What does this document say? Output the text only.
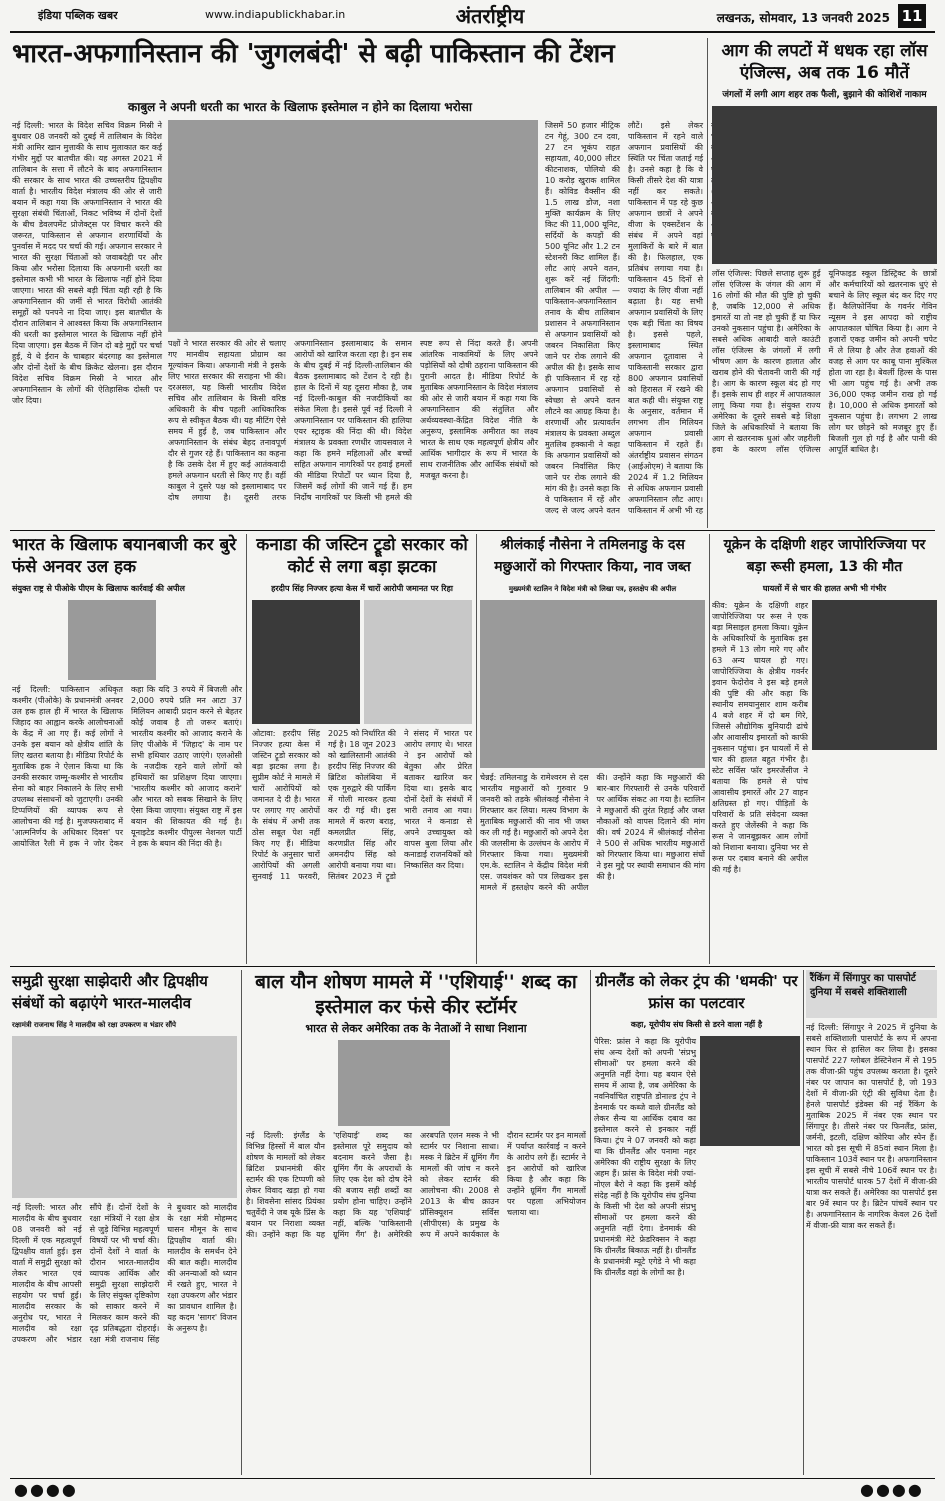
इंडिया पब्लिक खबर	www.indiapublickhabar.in	अंतर्राष्ट्रीय	लखनऊ, सोमवार, 13 जनवरी 2025 11
भारत-अफगानिस्तान की 'जुगलबंदी' से बढ़ी पाकिस्तान की टेंशन
काबुल ने अपनी धरती का भारत के खिलाफ इस्तेमाल न होने का दिलाया भरोसा
नई दिल्ली: भारत के विदेश सचिव विक्रम मिस्री ने बुधवार 08 जनवरी को दुबई में तालिबान के विदेश मंत्री आमिर खान मुत्ताकी के साथ मुलाकात कर कई गंभीर मुद्दों पर बातचीत की। यह अगस्त 2021 में तालिबान के सत्ता में लौटने के बाद अफगानिस्तान की सरकार के साथ भारत की उच्चस्तरीय द्विपक्षीय वार्ता है। भारतीय विदेश मंत्रालय की ओर से जारी बयान में कहा गया कि अफगानिस्तान ने भारत की सुरक्षा संबंधी चिंताओं, निकट भविष्य में दोनों देशों के बीच डेवलपमेंट प्रोजेक्ट्स पर विचार करने की जरूरत, पाकिस्तान से अफगान शरणार्थियों के पुनर्वास में मदद पर चर्चा की गई। अफगान सरकार ने भारत की सुरक्षा चिंताओं को जवाबदेही पर और किया और भरोसा दिलाया कि अफगानी धरती का इस्तेमाल कभी भी भारत के खिलाफ नहीं होने दिया जाएगा। भारत की सबसे बड़ी चिंता यही रही है कि अफगानिस्तान की जमीं से भारत विरोधी आतंकी समूहों को पनपने ना दिया जाए। इस बातचीत के दौरान तालिबान ने आश्वस्त किया कि अफगानिस्तान की धरती का इस्तेमाल भारत के खिलाफ नहीं होने दिया जाएगा। इस बैठक में जिन दो बड़े मुद्दों पर चर्चा हुई, ये थे ईरान के चाबहार बंदरगाह का इस्तेमाल और दोनों देशों के बीच क्रिकेट खेलना। इस दौरान विदेश सचिव विक्रम मिस्री ने भारत और अफगानिस्तान के लोगों की ऐतिहासिक दोस्ती पर जोर दिया।
पक्षों ने भारत सरकार की ओर से चलाए गए मानवीय सहायता प्रोग्राम का मूल्यांकन किया। अफगानी मंत्री ने इसके लिए भारत सरकार की सराहना भी की। दरअसल, यह किसी भारतीय विदेश सचिव और तालिबान के किसी वरिष्ठ अधिकारी के बीच पहली आधिकारिक रूप से स्वीकृत बैठक थी। यह मीटिंग ऐसे समय में हुई है, जब पाकिस्तान और अफगानिस्तान के संबंध बेहद तनावपूर्ण दौर से गुजर रहे हैं। पाकिस्तान का कहना है कि उसके देश में हुए कई आतंकवादी हमले अफगान धरती से किए गए हैं। वहीं काबुल ने दुसरे पक्ष को इस्लामाबाद पर दोष लगाया है। दूसरी तरफ अफगानिस्तान इस्लामाबाद के समान आरोपों को खारिज करता रहा है। इन सब के बीच दुबई में नई दिल्ली-तालिबान की बैठक इस्लामाबाद को टेंशन दे रही है। हाल के दिनों में यह दूसरा मौका है, जब नई दिल्ली-काबुल की नजदीकियों का संकेत मिला है। इससे पूर्व नई दिल्ली ने अफगानिस्तान पर पाकिस्तान की हालिया एयर स्ट्राइक की निंदा की थी। विदेश मंत्रालय के प्रवक्ता रणधीर जायसवाल ने कहा कि हमने महिलाओं और बच्चों सहित अफगान नागरिकों पर हवाई हमलों की मीडिया रिपोर्टों पर ध्यान दिया है, जिसमें कई लोगों की जानें गई हैं। हम निर्दोष नागरिकों पर किसी भी हमले की स्पष्ट रूप से निंदा करते हैं। अपनी आंतरिक नाकामियों के लिए अपने पड़ोसियों को दोषी ठहराना पाकिस्तान की पुरानी आदत है। मीडिया रिपोर्ट के मुताबिक अफगानिस्तान के विदेश मंत्रालय की ओर से जारी बयान में कहा गया कि अफगानिस्तान की संतुलित और अर्थव्यवस्था-केंद्रित विदेश नीति के अनुरूप, इस्लामिक अमीरात का लक्ष्य भारत के साथ एक महत्वपूर्ण क्षेत्रीय और आर्थिक भागीदार के रूप में भारत के साथ राजनीतिक और आर्थिक संबंधों को मजबूत करना है।
जिसमें 50 हजार मीट्रिक टन गेहूं, 300 टन दवा, 27 टन भूकंप राहत सहायता, 40,000 लीटर कीटनाशक, पोलियो की 10 करोड़ खुराक शामिल हैं। कोविड वैक्सीन की 1.5 लाख डोज, नशा मुक्ति कार्यक्रम के लिए किट की 11,000 यूनिट, सर्दियों के कपड़ों की 500 यूनिट और 1.2 टन स्टेशनरी किट शामिल हैं। लौट आएं अपने वतन, शुरू करें नई जिंदगी: तालिबान की अपील — पाकिस्तान-अफगानिस्तान तनाव के बीच तालिबान प्रशासन ने अफगानिस्तान से अफगान प्रवासियों को जबरन निकासिता किए जाने पर रोक लगाने की अपील की है। इसके साथ ही पाकिस्तान में रह रहे अफगान प्रवासियों से स्वेच्छा से अपने वतन लौटने का आग्रह किया है। शरणार्थी और प्रत्यावर्तन मंत्रालय के प्रवक्ता अब्दुल मुतलिब हक्कानी ने कहा कि अफगान प्रवासियों को जबरन निर्वासित किए जाने पर रोक लगाने की मांग की है। उनसे कहा कि वे पाकिस्तान में रहें और जल्द से जल्द अपने वतन लौटें। इसे लेकर पाकिस्तान में रहने वाले अफगान प्रवासियों की स्थिति पर चिंता जताई गई है। उनसे कहा है कि वे किसी तीसरे देश की यात्रा नहीं कर सकते। पाकिस्तान में पड़ रहे कुछ अफगान छात्रों ने अपने वीजा के एक्सटेंशन के संबंध में अपने वहां मुलाकिरों के बारे में बात की है। फिलहाल, एक प्रतिबंध लगाया गया है। पाकिस्तान 45 दिनों से ज्यादा के लिए वीजा नहीं बढ़ाता है। यह सभी अफगान प्रवासियों के लिए एक बड़ी चिंता का विषय है। इससे पहले, इस्लामाबाद स्थित अफगान दूतावास ने पाकिस्तानी सरकार द्वारा 800 अफगान प्रवासियों को हिरासत में रखने की बात कही थी। संयुक्त राष्ट्र के अनुसार, वर्तमान में लगभग तीन मिलियन अफगान प्रवासी पाकिस्तान में रहते हैं। अंतर्राष्ट्रीय प्रवासन संगठन (आईओएम) ने बताया कि 2024 में 1.2 मिलियन से अधिक अफगान प्रवासी अफगानिस्तान लौट आए। पाकिस्तान में अभी भी रह
आग की लपटों में धधक रहा लॉस एंजिल्स, अब तक 16 मौतें
जंगलों में लगी आग शहर तक फैली, बुझाने की कोशिशें नाकाम
लॉस एंजिल्स: पिछले सप्ताह शुरू हुई लॉस एंजिल्स के जंगल की आग में 16 लोगों की मौत की पुष्टि हो चुकी है, जबकि 12,000 से अधिक इमारतें या तो नष्ट हो चुकी हैं या फिर उनको नुकसान पहुंचा है। अमेरिका के सबसे अधिक आबादी वाले काउंटी लॉस एंजिल्स के जंगलों में लगी भीषण आग के कारण हालात और खराब होने की चेतावनी जारी की गई है। आग के कारण स्कूल बंद हो गए हैं। इसके साथ ही शहर में आपातकाल लागू किया गया है। संयुक्त राज्य अमेरिका के दूसरे सबसे बड़े शिक्षा जिले के अधिकारियों ने बताया कि आग से खतरनाक धुआं और जहरीली हवा के कारण लॉस एंजिल्स यूनिफाइड स्कूल डिस्ट्रिक्ट के छात्रों और कर्मचारियों को खतरनाक धुएं से बचाने के लिए स्कूल बंद कर दिए गए हैं। कैलिफोर्निया के गवर्नर गेविन न्यूसम ने इस आपदा को राष्ट्रीय आपातकाल घोषित किया है। आग ने हजारों एकड़ जमीन को अपनी चपेट में ले लिया है और तेज हवाओं की वजह से आग पर काबू पाना मुश्किल होता जा रहा है। बेवर्ली हिल्स के पास भी आग पहुंच गई है। अभी तक 36,000 एकड़ जमीन राख हो गई है। 10,000 से अधिक इमारतों को नुकसान पहुंचा है। लगभग 2 लाख लोग घर छोड़ने को मजबूर हुए हैं। बिजली गुल हो गई है और पानी की आपूर्ति बाधित है।
भारत के खिलाफ बयानबाजी कर बुरे फंसे अनवर उल हक
संयुक्त राष्ट्र से पीओके पीएम के खिलाफ कार्रवाई की अपील
नई दिल्ली: पाकिस्तान अधिकृत कश्मीर (पीओके) के प्रधानमंत्री अनवर उल हक हाल ही में भारत के खिलाफ जिहाद का आह्वान करके आलोचनाओं के केंद्र में आ गए हैं। कई लोगों ने उनके इस बयान को क्षेत्रीय शांति के लिए खतरा बताया है। मीडिया रिपोर्ट के मुताबिक हक ने ऐलान किया था कि उनकी सरकार जम्मू-कश्मीर से भारतीय सेना को बाहर निकालने के लिए सभी उपलब्ध संसाधनों को जुटाएगी। उनकी टिप्पणियों की व्यापक रूप से आलोचना की गई है। मुजफ्फराबाद में 'आत्मनिर्णय के अधिकार दिवस' पर आयोजित रैली में हक ने जोर देकर कहा कि यदि 3 रुपये में बिजली और 2,000 रुपये प्रति मन आटा 37 मिलियन आबादी प्रदान करने से बेहतर कोई जवाब है तो जरूर बताएं। भारतीय कश्मीर को आजाद कराने के लिए पीओके में 'जिहाद' के नाम पर सभी हथियार उठाए जाएंगे। एलओसी के नजदीक रहने वाले लोगों को हथियारों का प्रशिक्षण दिया जाएगा। 'भारतीय कश्मीर को आजाद कराने' और भारत को सबक सिखाने के लिए ऐसा किया जाएगा। संयुक्त राष्ट्र में इस बयान की शिकायत की गई है। यूनाइटेड कश्मीर पीपुल्स नेशनल पार्टी ने हक के बयान की निंदा की है।
कनाडा की जस्टिन ट्रूडो सरकार को कोर्ट से लगा बड़ा झटका
हरदीप सिंह निज्जर हत्या केस में चारों आरोपी जमानत पर रिहा
ओटावा: हरदीप सिंह निज्जर हत्या केस में जस्टिन ट्रूडो सरकार को बड़ा झटका लगा है। सुप्रीम कोर्ट ने मामले में चारों आरोपियों को जमानत दे दी है। भारत पर लगाए गए आरोपों के संबंध में अभी तक ठोस सबूत पेश नहीं किए गए हैं। मीडिया रिपोर्ट के अनुसार चारों आरोपियों की अगली सुनवाई 11 फरवरी, 2025 को निर्धारित की गई है। 18 जून 2023 को खालिस्तानी आतंकी हरदीप सिंह निज्जर की ब्रिटिश कोलंबिया में एक गुरुद्वारे की पार्किंग में गोली मारकर हत्या कर दी गई थी। इस मामले में करण बराड़, कमलप्रीत सिंह, करणप्रीत सिंह और अमनदीप सिंह को आरोपी बनाया गया था। सितंबर 2023 में ट्रूडो ने संसद में भारत पर आरोप लगाए थे। भारत ने इन आरोपों को बेतुका और प्रेरित बताकर खारिज कर दिया था। इसके बाद दोनों देशों के संबंधों में भारी तनाव आ गया। भारत ने कनाडा से अपने उच्चायुक्त को वापस बुला लिया और कनाडाई राजनयिकों को निष्कासित कर दिया।
श्रीलंकाई नौसेना ने तमिलनाडु के दस मछुआरों को गिरफ्तार किया, नाव जब्त
मुख्यमंत्री स्टालिन ने विदेश मंत्री को लिखा पत्र, हस्तक्षेप की अपील
चेन्नई: तमिलनाडु के रामेश्वरम से दस भारतीय मछुआरों को गुरुवार 9 जनवरी को तड़के श्रीलंकाई नौसेना ने गिरफ्तार कर लिया। मत्स्य विभाग के मुताबिक मछुआरों की नाव भी जब्त कर ली गई है। मछुआरों को अपने देश की जलसीमा के उल्लंघन के आरोप में गिरफ्तार किया गया। मुख्यमंत्री एम.के. स्टालिन ने केंद्रीय विदेश मंत्री एस. जयशंकर को पत्र लिखकर इस मामले में हस्तक्षेप करने की अपील की। उन्होंने कहा कि मछुआरों की बार-बार गिरफ्तारी से उनके परिवारों पर आर्थिक संकट आ गया है। स्टालिन ने मछुआरों की तुरंत रिहाई और जब्त नौकाओं को वापस दिलाने की मांग की। वर्ष 2024 में श्रीलंकाई नौसेना ने 500 से अधिक भारतीय मछुआरों को गिरफ्तार किया था। मछुआरा संघों ने इस मुद्दे पर स्थायी समाधान की मांग की है।
यूक्रेन के दक्षिणी शहर जापोरिज्जिया पर बड़ा रूसी हमला, 13 की मौत
घायलों में से चार की हालत अभी भी गंभीर
कीव: यूक्रेन के दक्षिणी शहर जापोरिज्जिया पर रूस ने एक बड़ा मिसाइल हमला किया। यूक्रेन के अधिकारियों के मुताबिक इस हमले में 13 लोग मारे गए और 63 अन्य घायल हो गए। जापोरिज्जिया के क्षेत्रीय गवर्नर इवान फेदोरोव ने इस बड़े हमले की पुष्टि की और कहा कि स्थानीय समयानुसार शाम करीब 4 बजे शहर में दो बम गिरे, जिससे औद्योगिक बुनियादी ढांचे और आवासीय इमारतों को काफी नुकसान पहुंचा। इन घायलों में से चार की हालत बहुत गंभीर है। स्टेट सर्विस फॉर इमरजेंसीज ने बताया कि हमले से पांच आवासीय इमारतें और 27 वाहन क्षतिग्रस्त हो गए। पीड़ितों के परिवारों के प्रति संवेदना व्यक्त करते हुए जेलेंस्की ने कहा कि रूस ने जानबूझकर आम लोगों को निशाना बनाया। दुनिया भर से रूस पर दबाव बनाने की अपील की गई है।
समुद्री सुरक्षा साझेदारी और द्विपक्षीय संबंधों को बढ़ाएंगे भारत-मालदीव
रक्षामंत्री राजनाथ सिंह ने मालदीव को रक्षा उपकरण व भंडार सौंपे
नई दिल्ली: भारत और मालदीव के बीच बुधवार 08 जनवरी को नई दिल्ली में एक महत्वपूर्ण द्विपक्षीय वार्ता हुई। इस वार्ता में समुद्री सुरक्षा को लेकर भारत एवं मालदीव के बीच आपसी सहयोग पर चर्चा हुई। मालदीव सरकार के अनुरोध पर, भारत ने मालदीव को रक्षा उपकरण और भंडार सौंपे हैं। दोनों देशों के रक्षा मंत्रियों ने रक्षा क्षेत्र से जुड़े विभिन्न महत्वपूर्ण विषयों पर भी चर्चा की। दोनों देशों ने वार्ता के दौरान भारत-मालदीव व्यापक आर्थिक और समुद्री सुरक्षा साझेदारी के लिए संयुक्त दृष्टिकोण को साकार करने में मिलकर काम करने की दृढ़ प्रतिबद्धता दोहराई। रक्षा मंत्री राजनाथ सिंह ने बुधवार को मालदीव के रक्षा मंत्री मोहम्मद घासन मौमून के साथ द्विपक्षीय वार्ता की। मालदीव के समर्थन देने की बात कही। मालदीव की अनन्याओं को ध्यान में रखते हुए, भारत ने रक्षा उपकरण और भंडार का प्रावधान शामिल है। यह कदम 'सागर' विजन के अनुरूप है।
बाल यौन शोषण मामले में ''एशियाई'' शब्द का इस्तेमाल कर फंसे कीर स्टॉर्मर
भारत से लेकर अमेरिका तक के नेताओं ने साधा निशाना
नई दिल्ली: इंग्लैंड के विभिन्न हिस्सों में बाल यौन शोषण के मामलों को लेकर ब्रिटिश प्रधानमंत्री कीर स्टार्मर की एक टिप्पणी को लेकर विवाद खड़ा हो गया है। शिवसेना सांसद प्रियंका चतुर्वेदी ने जब यूके प्रिंस के बयान पर निराशा व्यक्त की। उन्होंने कहा कि यह 'एशियाई' शब्द का इस्तेमाल पूरे समुदाय को बदनाम करने जैसा है। ग्रूमिंग गैंग के अपराधों के लिए एक देश को दोष देने की बजाय सही शब्दों का प्रयोग होना चाहिए। उन्होंने कहा कि यह 'एशियाई' नहीं, बल्कि 'पाकिस्तानी ग्रूमिंग गैंग' है। अमेरिकी अरबपति एलन मस्क ने भी स्टार्मर पर निशाना साधा। मस्क ने ब्रिटेन में ग्रूमिंग गैंग मामलों की जांच न करने को लेकर स्टार्मर की आलोचना की। 2008 से 2013 के बीच क्राउन प्रॉसिक्यूशन सर्विस (सीपीएस) के प्रमुख के रूप में अपने कार्यकाल के दौरान स्टार्मर पर इन मामलों में पर्याप्त कार्रवाई न करने के आरोप लगे हैं। स्टार्मर ने इन आरोपों को खारिज किया है और कहा कि उन्होंने ग्रूमिंग गैंग मामलों पर पहला अभियोजन चलाया था।
ग्रीनलैंड को लेकर ट्रंप की 'धमकी' पर फ्रांस का पलटवार
कहा, यूरोपीय संघ किसी से डरने वाला नहीं है
पेरिस: फ्रांस ने कहा कि यूरोपीय संघ अन्य देशों को अपनी 'संप्रभु सीमाओं' पर हमला करने की अनुमति नहीं देगा। यह बयान ऐसे समय में आया है, जब अमेरिका के नवनिर्वाचित राष्ट्रपति डोनाल्ड ट्रंप ने डेनमार्क पर कब्जे वाले ग्रीनलैंड को लेकर सैन्य या आर्थिक दबाव का इस्तेमाल करने से इनकार नहीं किया। ट्रंप ने 07 जनवरी को कहा था कि ग्रीनलैंड और पनामा नहर अमेरिका की राष्ट्रीय सुरक्षा के लिए अहम हैं। फ्रांस के विदेश मंत्री ज्यां-नोएल बैरो ने कहा कि इसमें कोई संदेह नहीं है कि यूरोपीय संघ दुनिया के किसी भी देश को अपनी संप्रभु सीमाओं पर हमला करने की अनुमति नहीं देगा। डेनमार्क की प्रधानमंत्री मेटे फ्रेडरिक्सन ने कहा कि ग्रीनलैंड बिकाऊ नहीं है। ग्रीनलैंड के प्रधानमंत्री म्यूटे एगेडे ने भी कहा कि ग्रीनलैंड वहां के लोगों का है।
रैंकिंग में सिंगापुर का पासपोर्ट दुनिया में सबसे शक्तिशाली
नई दिल्ली: सिंगापुर ने 2025 में दुनिया के सबसे शक्तिशाली पासपोर्ट के रूप में अपना स्थान फिर से हासिल कर लिया है। इसका पासपोर्ट 227 ग्लोबल डेस्टिनेशन में से 195 तक वीजा-फ्री पहुंच उपलब्ध कराता है। दूसरे नंबर पर जापान का पासपोर्ट है, जो 193 देशों में वीजा-फ्री एंट्री की सुविधा देता है। हेनले पासपोर्ट इंडेक्स की नई रैंकिंग के मुताबिक 2025 में नंबर एक स्थान पर सिंगापुर है। तीसरे नंबर पर फिनलैंड, फ्रांस, जर्मनी, इटली, दक्षिण कोरिया और स्पेन हैं। भारत को इस सूची में 85वां स्थान मिला है। पाकिस्तान 103वें स्थान पर है। अफगानिस्तान इस सूची में सबसे नीचे 106वें स्थान पर है। भारतीय पासपोर्ट धारक 57 देशों में वीजा-फ्री यात्रा कर सकते हैं। अमेरिका का पासपोर्ट इस बार 9वें स्थान पर है। ब्रिटेन पांचवें स्थान पर है। अफगानिस्तान के नागरिक केवल 26 देशों में वीजा-फ्री यात्रा कर सकते हैं।
●●●●	●●●●
